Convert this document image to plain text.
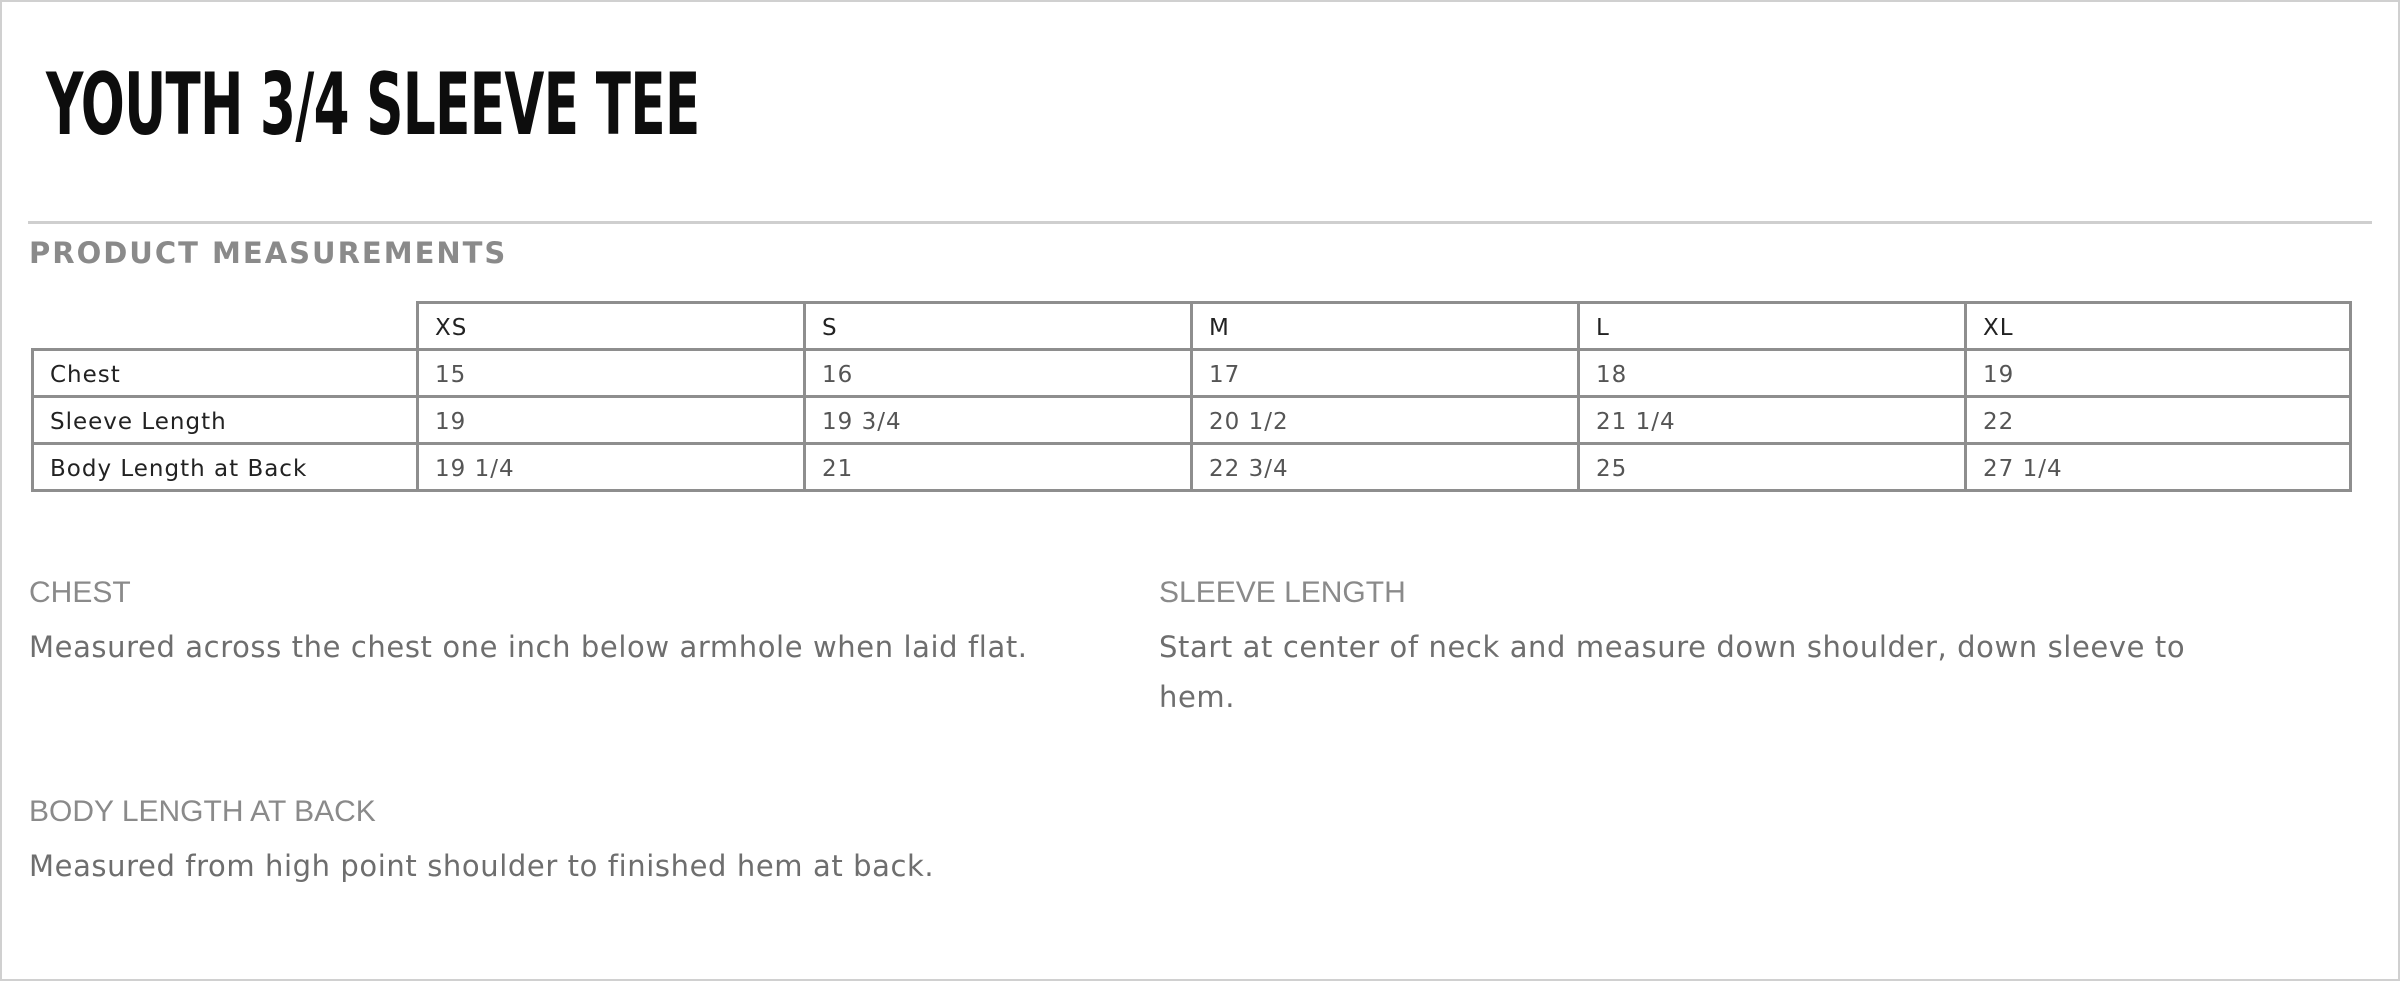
YOUTH 3/4 SLEEVE TEE
PRODUCT MEASUREMENTS
	XS	S	M	L	XL
Chest	15	16	17	18	19
Sleeve Length	19	19 3/4	20 1/2	21 1/4	22
Body Length at Back	19 1/4	21	22 3/4	25	27 1/4
CHEST
Measured across the chest one inch below armhole when laid flat.
SLEEVE LENGTH
Start at center of neck and measure down shoulder, down sleeve to hem.
BODY LENGTH AT BACK
Measured from high point shoulder to finished hem at back.
